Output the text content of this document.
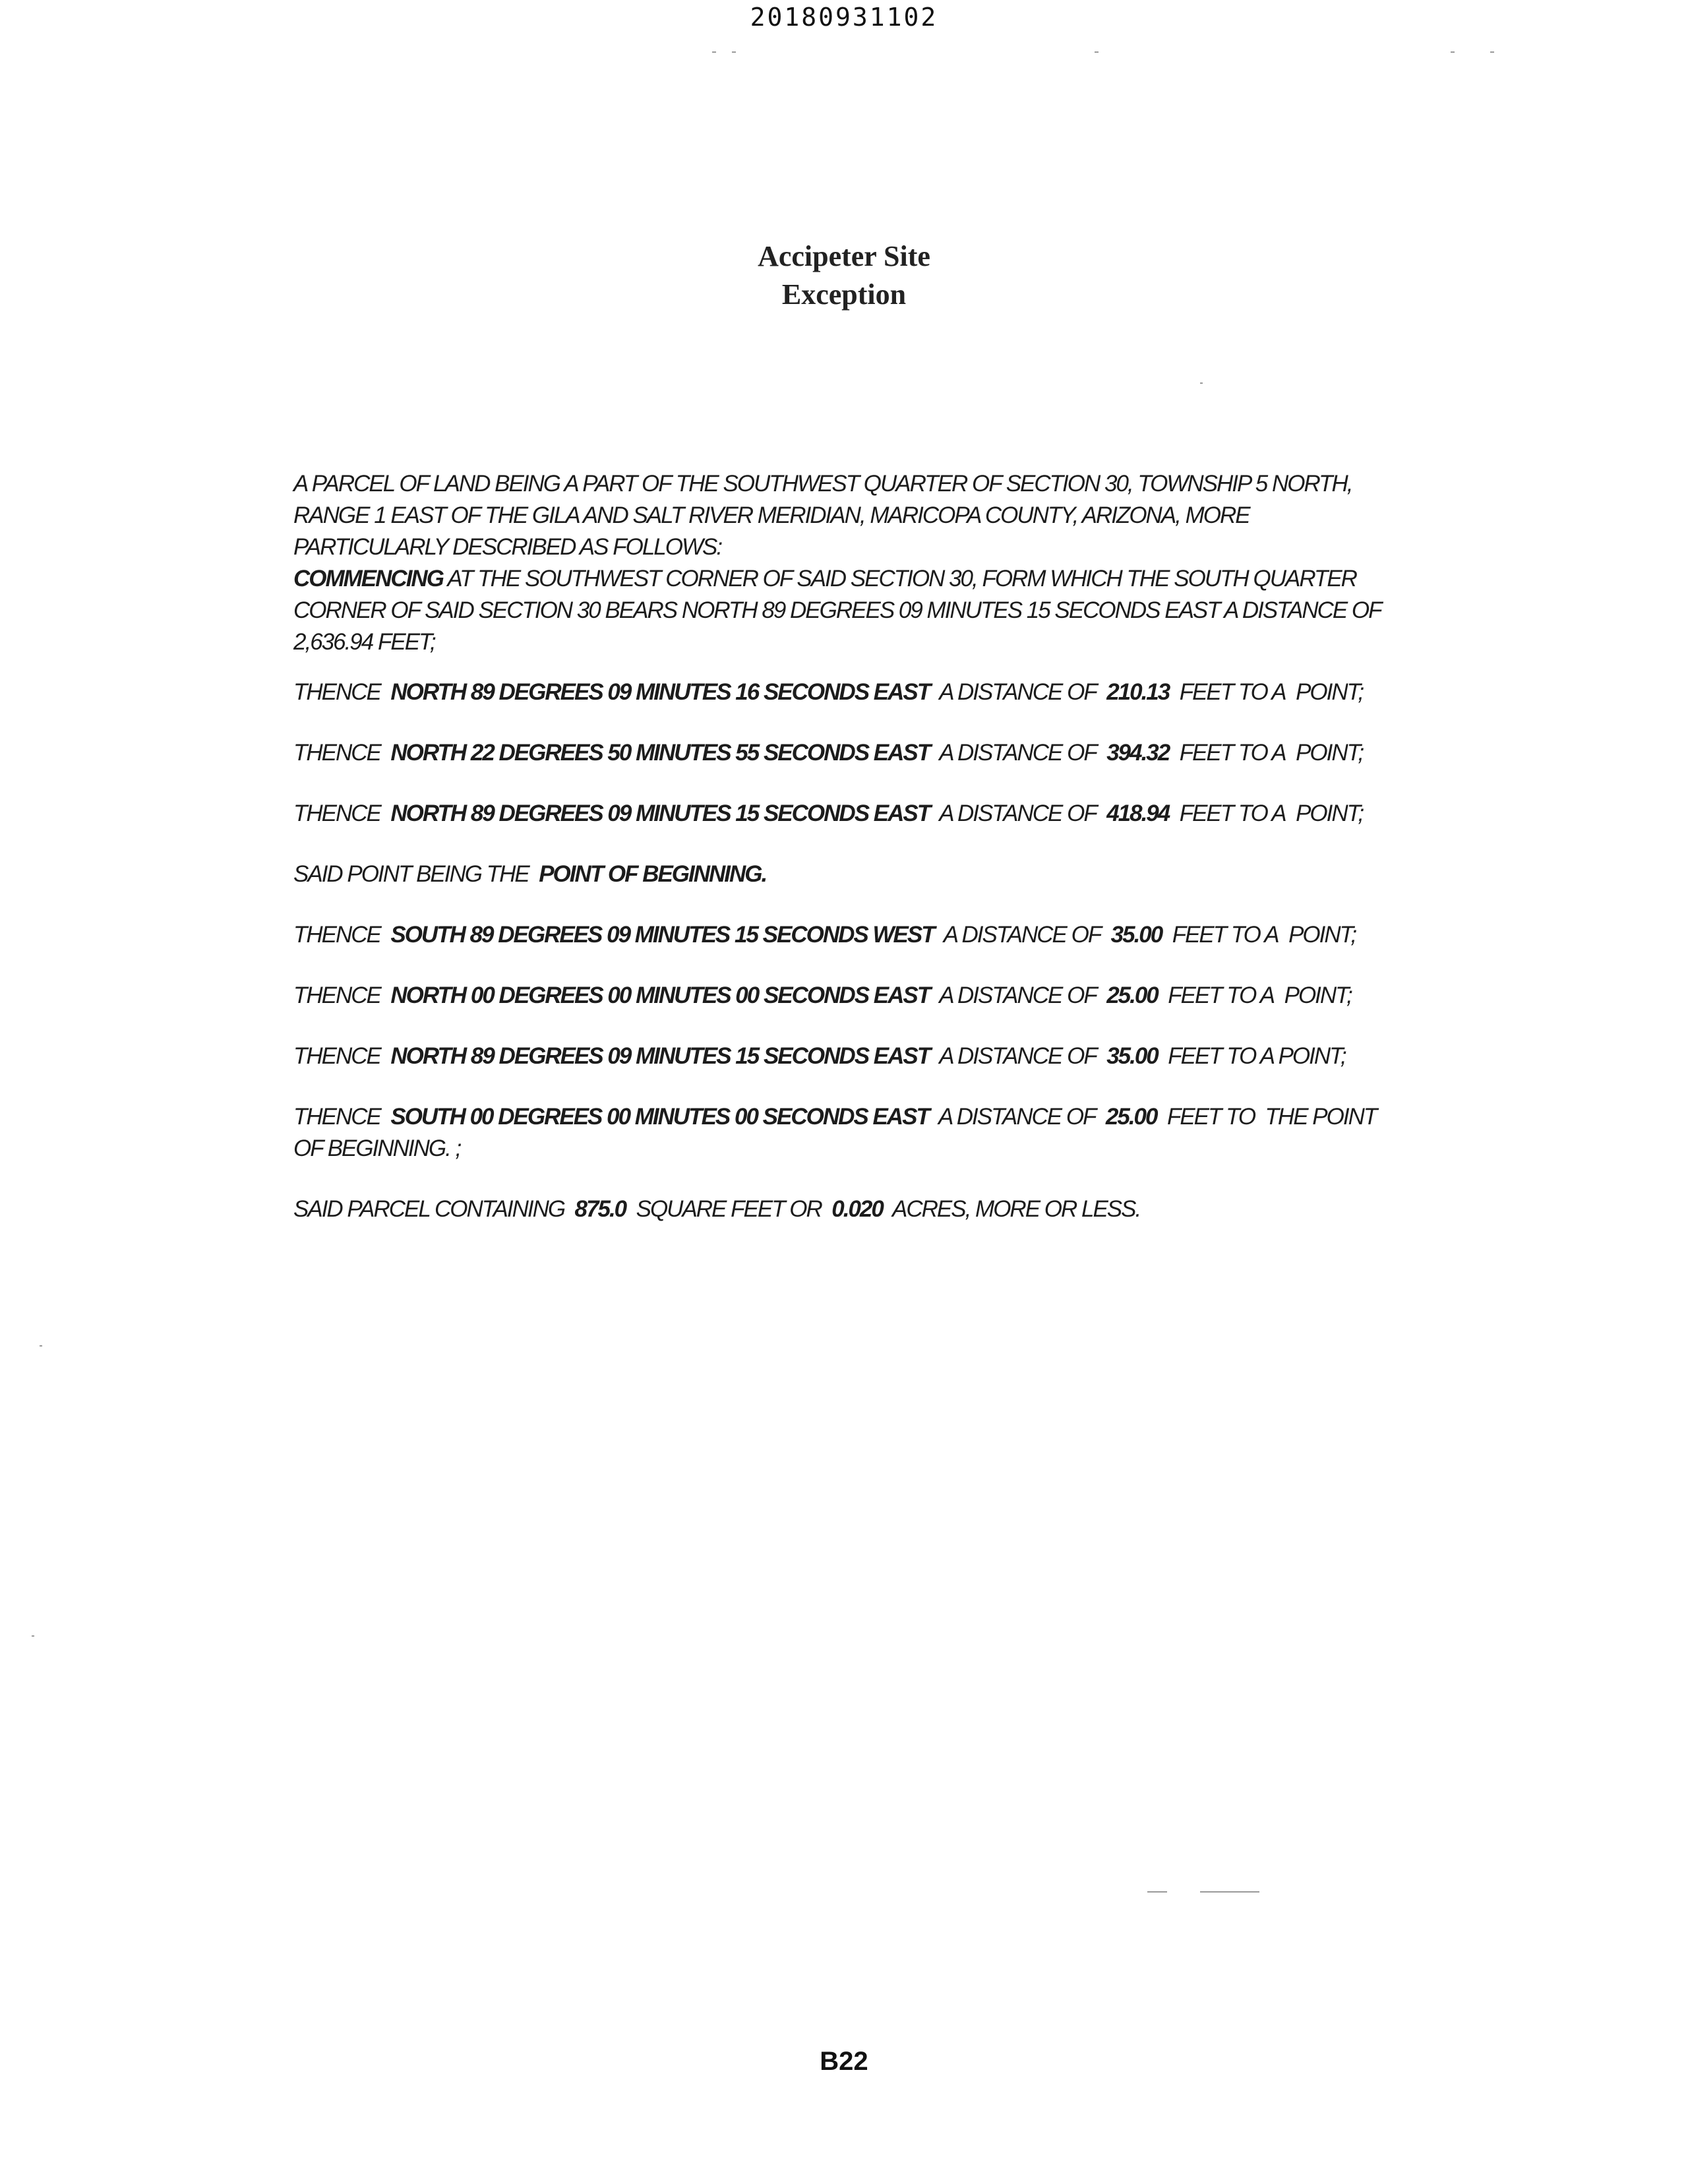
20180931102
Accipeter Site
Exception

A PARCEL OF LAND BEING A PART OF THE SOUTHWEST QUARTER OF SECTION 30, TOWNSHIP 5 NORTH, RANGE 1 EAST OF THE GILA AND SALT RIVER MERIDIAN, MARICOPA COUNTY, ARIZONA, MORE PARTICULARLY DESCRIBED AS FOLLOWS:

COMMENCING AT THE SOUTHWEST CORNER OF SAID SECTION 30, FORM WHICH THE SOUTH QUARTER CORNER OF SAID SECTION 30 BEARS NORTH 89 DEGREES 09 MINUTES 15 SECONDS EAST A DISTANCE OF 2,636.94 FEET;

THENCE NORTH 89 DEGREES 09 MINUTES 16 SECONDS EAST A DISTANCE OF 210.13 FEET TO A POINT;

THENCE NORTH 22 DEGREES 50 MINUTES 55 SECONDS EAST A DISTANCE OF 394.32 FEET TO A POINT;

THENCE NORTH 89 DEGREES 09 MINUTES 15 SECONDS EAST A DISTANCE OF 418.94 FEET TO A POINT;

SAID POINT BEING THE POINT OF BEGINNING.

THENCE SOUTH 89 DEGREES 09 MINUTES 15 SECONDS WEST A DISTANCE OF 35.00 FEET TO A POINT;

THENCE NORTH 00 DEGREES 00 MINUTES 00 SECONDS EAST A DISTANCE OF 25.00 FEET TO A POINT;

THENCE NORTH 89 DEGREES 09 MINUTES 15 SECONDS EAST A DISTANCE OF 35.00 FEET TO A POINT;

THENCE SOUTH 00 DEGREES 00 MINUTES 00 SECONDS EAST A DISTANCE OF 25.00 FEET TO THE POINT OF BEGINNING. ;

SAID PARCEL CONTAINING 875.0 SQUARE FEET OR 0.020 ACRES, MORE OR LESS.

B22
